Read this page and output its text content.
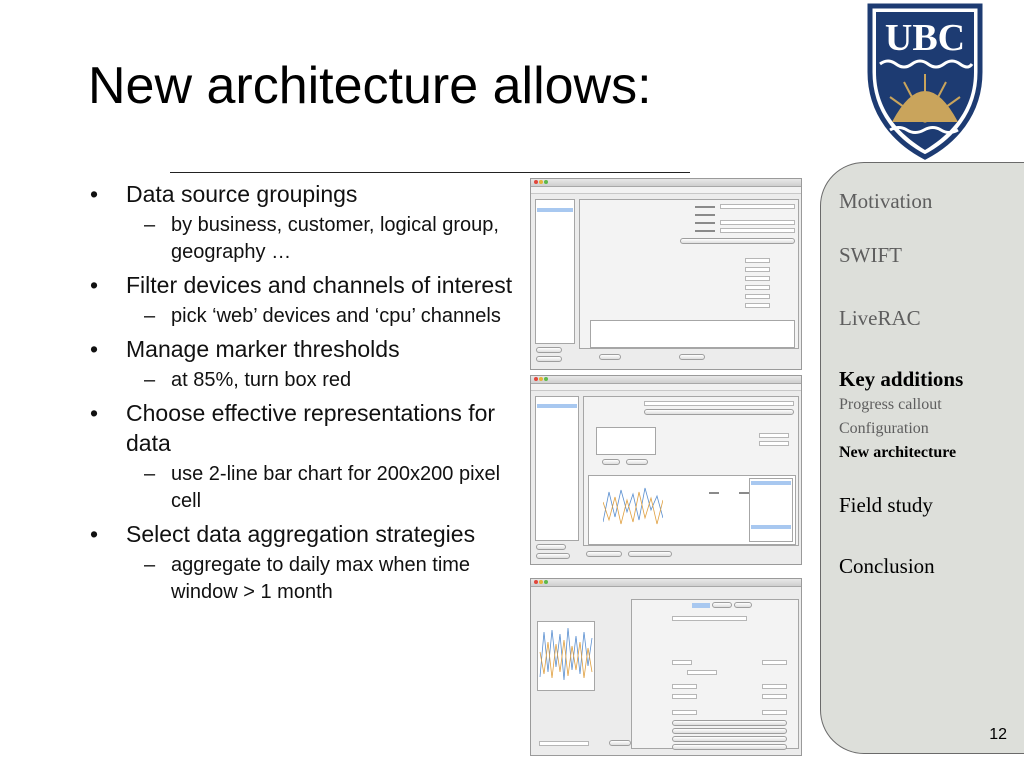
New architecture allows:
UBC
• Data source groupings
– by business, customer, logical group, geography …
• Filter devices and channels of interest
– pick ‘web’ devices and ‘cpu’ channels
• Manage marker thresholds
– at 85%, turn box red
• Choose effective representations for data
– use 2-line bar chart for 200x200 pixel cell
• Select data aggregation strategies
– aggregate to daily max when time window > 1 month
Motivation
SWIFT
LiveRAC
Key additions
Progress callout
Configuration
New architecture
Field study
Conclusion
12
